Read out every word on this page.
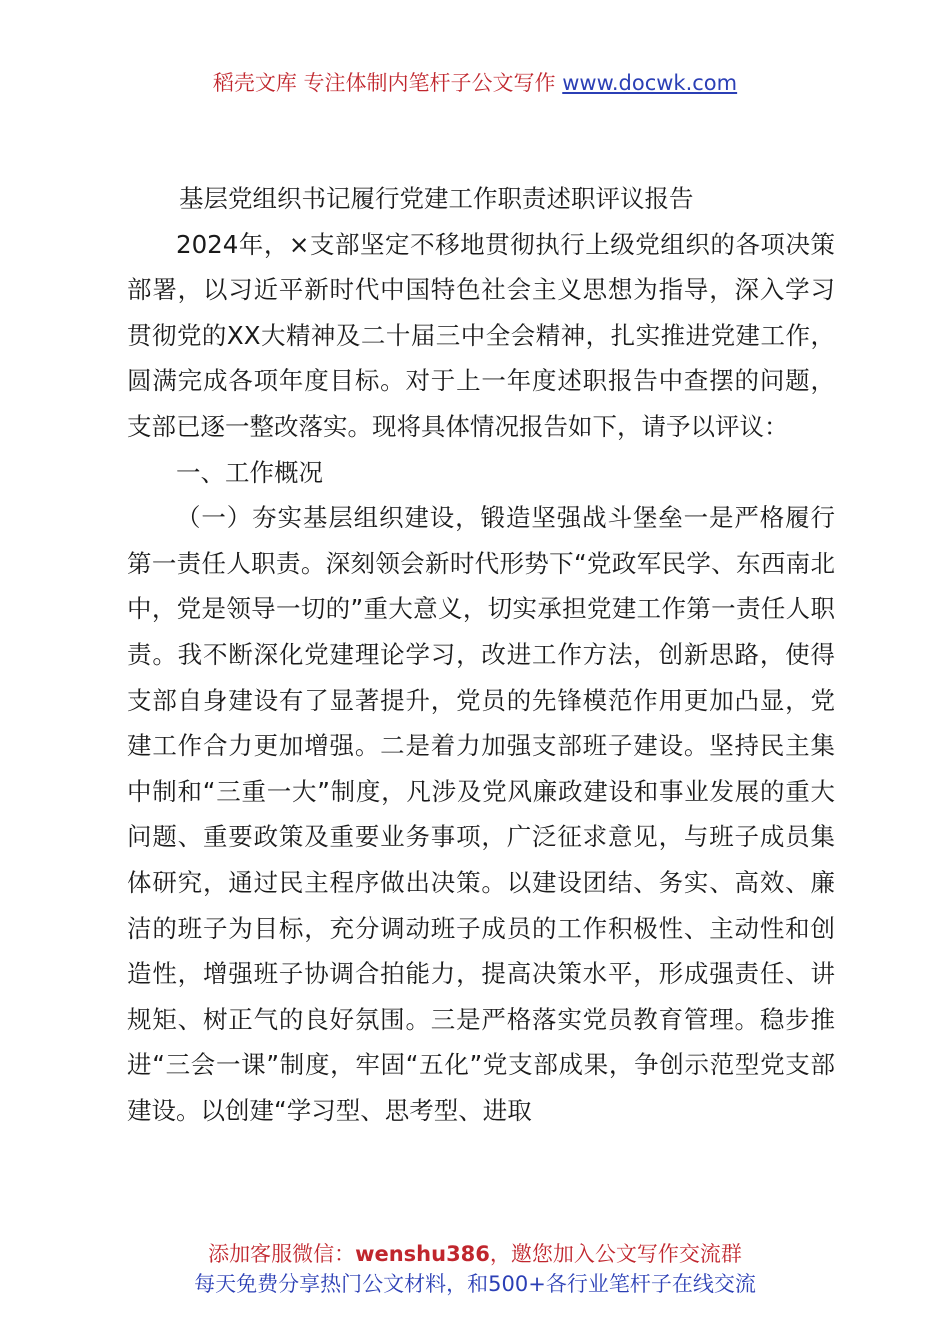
稻壳文库 专注体制内笔杆子公文写作 www.docwk.com

基层党组织书记履行党建工作职责述职评议报告

2024年，×支部坚定不移地贯彻执行上级党组织的各项决策部署，以习近平新时代中国特色社会主义思想为指导，深入学习贯彻党的XX大精神及二十届三中全会精神，扎实推进党建工作，圆满完成各项年度目标。对于上一年度述职报告中查摆的问题，支部已逐一整改落实。现将具体情况报告如下，请予以评议：

一、工作概况

（一）夯实基层组织建设，锻造坚强战斗堡垒一是严格履行第一责任人职责。深刻领会新时代形势下“党政军民学、东西南北中，党是领导一切的”重大意义，切实承担党建工作第一责任人职责。我不断深化党建理论学习，改进工作方法，创新思路，使得支部自身建设有了显著提升，党员的先锋模范作用更加凸显，党建工作合力更加增强。二是着力加强支部班子建设。坚持民主集中制和“三重一大”制度，凡涉及党风廉政建设和事业发展的重大问题、重要政策及重要业务事项，广泛征求意见，与班子成员集体研究，通过民主程序做出决策。以建设团结、务实、高效、廉洁的班子为目标，充分调动班子成员的工作积极性、主动性和创造性，增强班子协调合拍能力，提高决策水平，形成强责任、讲规矩、树正气的良好氛围。三是严格落实党员教育管理。稳步推进“三会一课”制度，牢固“五化”党支部成果，争创示范型党支部建设。以创建“学习型、思考型、进取

添加客服微信：wenshu386，邀您加入公文写作交流群
每天免费分享热门公文材料，和500+各行业笔杆子在线交流
